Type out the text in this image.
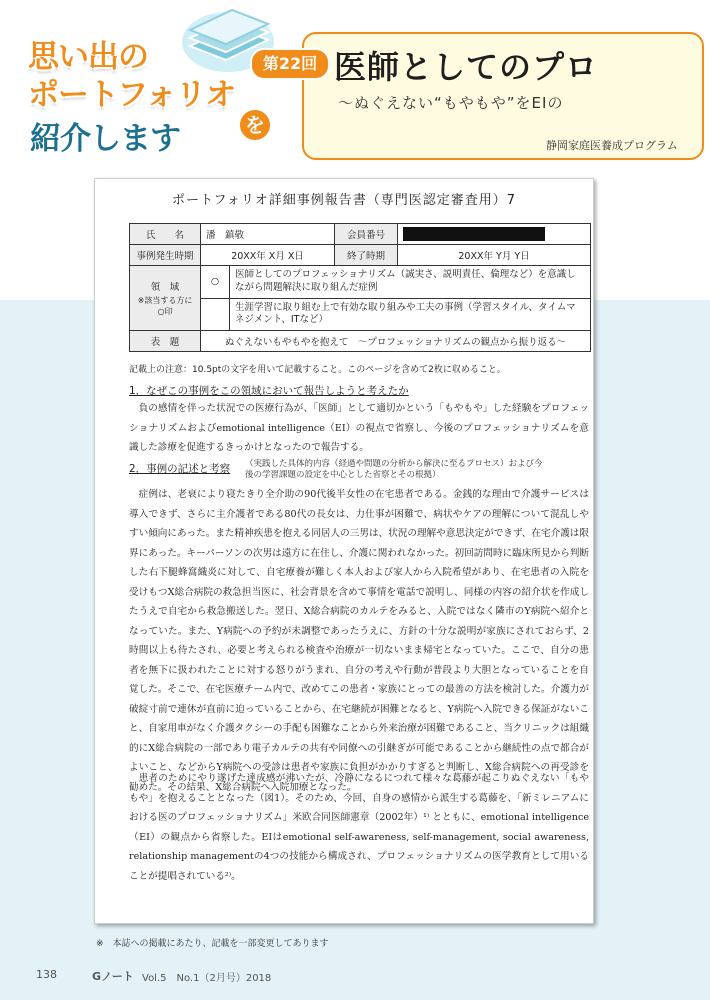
思い出の
ポートフォリオ
を
紹介します
第22回 医師としてのプロ
〜ぬぐえない“もやもや”をEIの
静岡家庭医養成プログラム
ポートフォリオ詳細事例報告書（専門医認定審査用）7
氏　　名	潘　鎮敬		会員番号	
事例発生時期	20XX年 X月 X日		終了時期	20XX年 Y月 Y日

領　域
※該当する方に○印	○	医師としてのプロフェッショナリズム（誠実さ、説明責任、倫理など）を意識しながら問題解決に取り組んだ症例		
		生涯学習に取り組む上で有効な取り組みや工夫の事例（学習スタイル、タイムマネジメント、ITなど）		
表　題	ぬぐえないもやもやを抱えて　〜プロフェッショナリズムの観点から振り返る〜			
記載上の注意：10.5ptの文字を用いて記載すること。このページを含めて2枚に収めること。
1．なぜこの事例をこの領域において報告しようと考えたか
負の感情を伴った状況での医療行為が、「医師」として適切かという「もやもや」した経験をプロフェッショナリズムおよびemotional intelligence（EI）の視点で省察し、今後のプロフェッショナリズムを意識した診療を促進するきっかけとなったので報告する。
2．事例の記述と考察 （実践した具体的内容（経過や問題の分析から解決に至るプロセス）および今後の学習課題の設定を中心とした省察とその根拠）
症例は、老衰により寝たきり全介助の90代後半女性の在宅患者である。金銭的な理由で介護サービスは導入できず、さらに主介護者である80代の長女は、力仕事が困難で、病状やケアの理解について混乱しやすい傾向にあった。また精神疾患を抱える同居人の三男は、状況の理解や意思決定ができず、在宅介護は限界にあった。キーパーソンの次男は遠方に在住し、介護に関われなかった。初回訪問時に臨床所見から判断した右下腿蜂窩織炎に対して、自宅療養が難しく本人および家人から入院希望があり、在宅患者の入院を受けもつX総合病院の救急担当医に、社会背景を含めて事情を電話で説明し、同様の内容の紹介状を作成したうえで自宅から救急搬送した。翌日、X総合病院のカルテをみると、入院ではなく隣市のY病院へ紹介となっていた。また、Y病院への予約が未調整であったうえに、方針の十分な説明が家族にされておらず、2時間以上も待たされ、必要と考えられる検査や治療が一切ないまま帰宅となっていた。ここで、自分の患者を無下に扱われたことに対する怒りがうまれ、自分の考えや行動が普段より大胆となっていることを自覚した。そこで、在宅医療チーム内で、改めてこの患者・家族にとっての最善の方法を検討した。介護力が破綻寸前で連休が直前に迫っていることから、在宅継続が困難となると、Y病院へ入院できる保証がないこと、自家用車がなく介護タクシーの手配も困難なことから外来治療が困難であること、当クリニックは組織的にX総合病院の一部であり電子カルテの共有や同僚への引継ぎが可能であることから継続性の点で都合がよいこと、などからY病院への受診は患者や家族に負担がかかりすぎると判断し、X総合病院への再受診を勧めた。その結果、X総合病院へ入院加療となった。
患者のためにやり遂げた達成感が沸いたが、冷静になるにつれて様々な葛藤が起こりぬぐえない「もやもや」を抱えることとなった（図1）。そのため、今回、自身の感情から派生する葛藤を、「新ミレニアムにおける医のプロフェッショナリズム」米欧合同医師憲章（2002年）¹⁾ とともに、emotional intelligence（EI）の観点から省察した。EIはemotional self-awareness, self-management, social awareness, relationship managementの4つの技能から構成され、プロフェッショナリズムの医学教育として用いることが提唱されている²⁾。
※　本誌への掲載にあたり、記載を一部変更してあります
138	Gノート Vol.5　No.1（2月号）2018
